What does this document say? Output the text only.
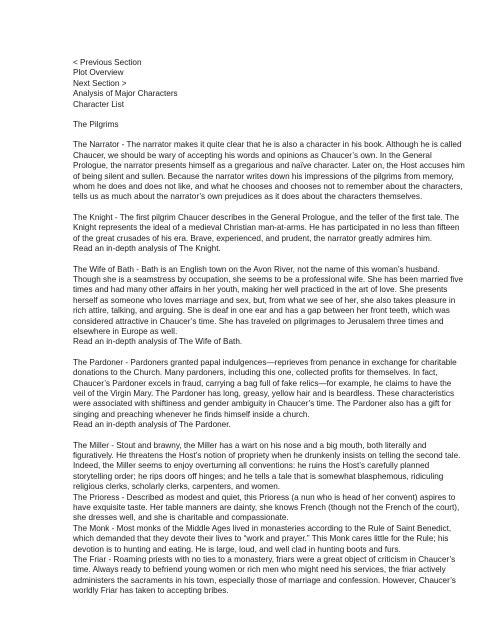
< Previous Section
Plot Overview
Next Section >
Analysis of Major Characters
Character List
The Pilgrims
The Narrator - The narrator makes it quite clear that he is also a character in his book. Although he is called Chaucer, we should be wary of accepting his words and opinions as Chaucer’s own. In the General Prologue, the narrator presents himself as a gregarious and naïve character. Later on, the Host accuses him of being silent and sullen. Because the narrator writes down his impressions of the pilgrims from memory, whom he does and does not like, and what he chooses and chooses not to remember about the characters, tells us as much about the narrator’s own prejudices as it does about the characters themselves.
The Knight - The first pilgrim Chaucer describes in the General Prologue, and the teller of the first tale. The Knight represents the ideal of a medieval Christian man-at-arms. He has participated in no less than fifteen of the great crusades of his era. Brave, experienced, and prudent, the narrator greatly admires him.
Read an in-depth analysis of The Knight.
The Wife of Bath - Bath is an English town on the Avon River, not the name of this woman’s husband. Though she is a seamstress by occupation, she seems to be a professional wife. She has been married five times and had many other affairs in her youth, making her well practiced in the art of love. She presents herself as someone who loves marriage and sex, but, from what we see of her, she also takes pleasure in rich attire, talking, and arguing. She is deaf in one ear and has a gap between her front teeth, which was considered attractive in Chaucer’s time. She has traveled on pilgrimages to Jerusalem three times and elsewhere in Europe as well.
Read an in-depth analysis of The Wife of Bath.
The Pardoner - Pardoners granted papal indulgences—reprieves from penance in exchange for charitable donations to the Church. Many pardoners, including this one, collected profits for themselves. In fact, Chaucer’s Pardoner excels in fraud, carrying a bag full of fake relics—for example, he claims to have the veil of the Virgin Mary. The Pardoner has long, greasy, yellow hair and is beardless. These characteristics were associated with shiftiness and gender ambiguity in Chaucer’s time. The Pardoner also has a gift for singing and preaching whenever he finds himself inside a church.
Read an in-depth analysis of The Pardoner.
The Miller - Stout and brawny, the Miller has a wart on his nose and a big mouth, both literally and figuratively. He threatens the Host’s notion of propriety when he drunkenly insists on telling the second tale. Indeed, the Miller seems to enjoy overturning all conventions: he ruins the Host’s carefully planned storytelling order; he rips doors off hinges; and he tells a tale that is somewhat blasphemous, ridiculing religious clerks, scholarly clerks, carpenters, and women.
The Prioress - Described as modest and quiet, this Prioress (a nun who is head of her convent) aspires to have exquisite taste. Her table manners are dainty, she knows French (though not the French of the court), she dresses well, and she is charitable and compassionate.
The Monk - Most monks of the Middle Ages lived in monasteries according to the Rule of Saint Benedict, which demanded that they devote their lives to “work and prayer.” This Monk cares little for the Rule; his devotion is to hunting and eating. He is large, loud, and well clad in hunting boots and furs.
The Friar - Roaming priests with no ties to a monastery, friars were a great object of criticism in Chaucer’s time. Always ready to befriend young women or rich men who might need his services, the friar actively administers the sacraments in his town, especially those of marriage and confession. However, Chaucer’s worldly Friar has taken to accepting bribes.
